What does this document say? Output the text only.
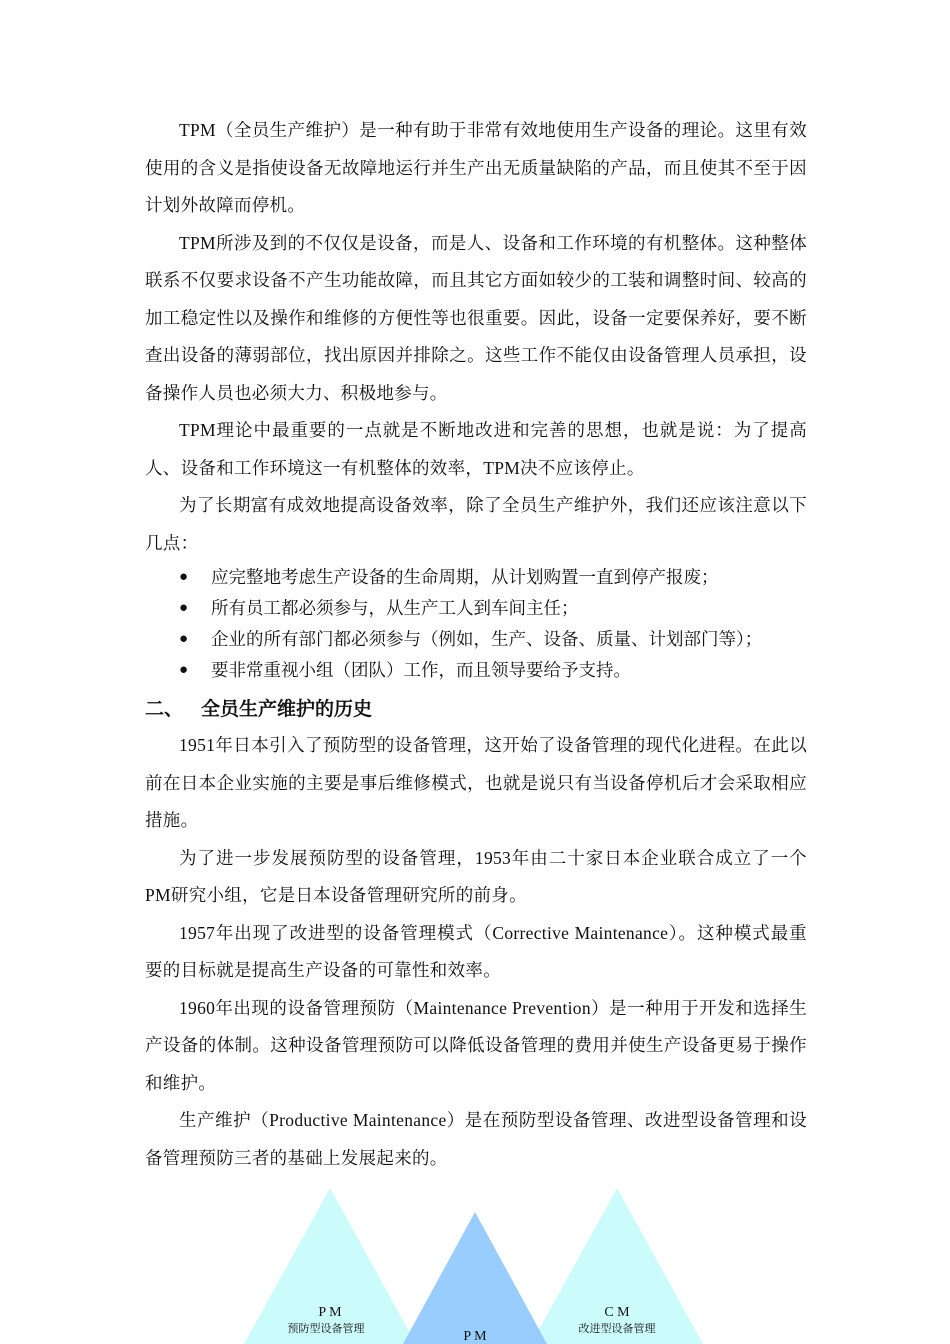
TPM（全员生产维护）是一种有助于非常有效地使用生产设备的理论。这里有效使用的含义是指使设备无故障地运行并生产出无质量缺陷的产品，而且使其不至于因计划外故障而停机。

TPM所涉及到的不仅仅是设备，而是人、设备和工作环境的有机整体。这种整体联系不仅要求设备不产生功能故障，而且其它方面如较少的工装和调整时间、较高的加工稳定性以及操作和维修的方便性等也很重要。因此，设备一定要保养好，要不断查出设备的薄弱部位，找出原因并排除之。这些工作不能仅由设备管理人员承担，设备操作人员也必须大力、积极地参与。

TPM理论中最重要的一点就是不断地改进和完善的思想，也就是说：为了提高人、设备和工作环境这一有机整体的效率，TPM决不应该停止。

为了长期富有成效地提高设备效率，除了全员生产维护外，我们还应该注意以下几点：

● 应完整地考虑生产设备的生命周期，从计划购置一直到停产报废；
● 所有员工都必须参与，从生产工人到车间主任；
● 企业的所有部门都必须参与（例如，生产、设备、质量、计划部门等）；
● 要非常重视小组（团队）工作，而且领导要给予支持。
二、 全员生产维护的历史

1951年日本引入了预防型的设备管理，这开始了设备管理的现代化进程。在此以前在日本企业实施的主要是事后维修模式，也就是说只有当设备停机后才会采取相应措施。

为了进一步发展预防型的设备管理，1953年由二十家日本企业联合成立了一个PM研究小组，它是日本设备管理研究所的前身。

1957年出现了改进型的设备管理模式（Corrective Maintenance）。这种模式最重要的目标就是提高生产设备的可靠性和效率。

1960年出现的设备管理预防（Maintenance Prevention）是一种用于开发和选择生产设备的体制。这种设备管理预防可以降低设备管理的费用并使生产设备更易于操作和维护。

生产维护（Productive Maintenance）是在预防型设备管理、改进型设备管理和设备管理预防三者的基础上发展起来的。

P M
预防型设备管理
C M
改进型设备管理
P M
